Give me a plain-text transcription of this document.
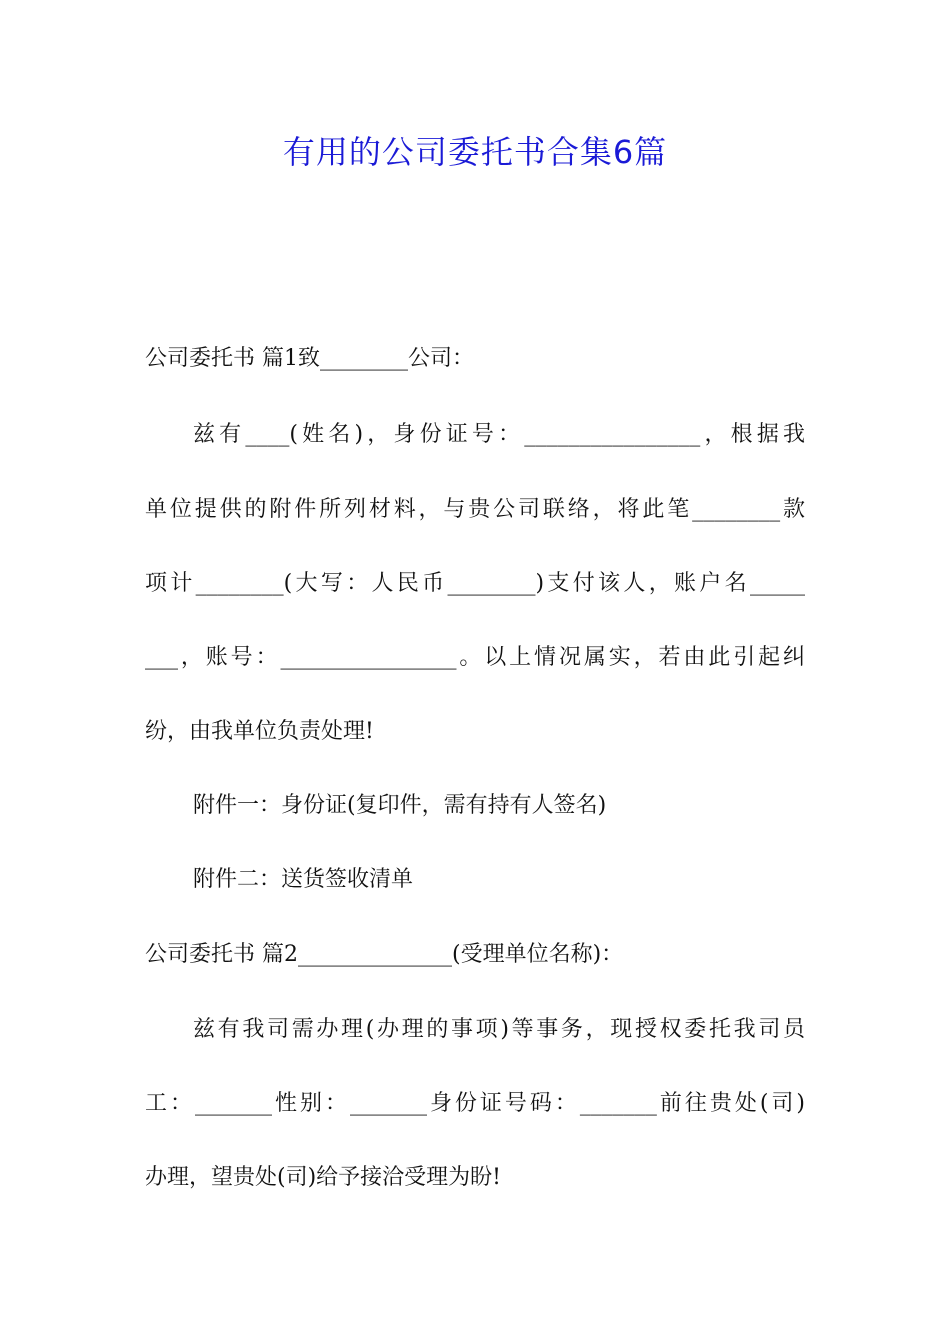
有用的公司委托书合集6篇
公司委托书 篇1致________公司：
兹有____(姓名)，身份证号：________________，根据我
单位提供的附件所列材料，与贵公司联络，将此笔________款
项计________(大写：人民币________)支付该人，账户名_____
___，账号：________________。以上情况属实，若由此引起纠
纷，由我单位负责处理!
附件一：身份证(复印件，需有持有人签名)
附件二：送货签收清单
公司委托书 篇2______________(受理单位名称)：
兹有我司需办理(办理的事项)等事务，现授权委托我司员
工：_______性别：_______身份证号码：_______前往贵处(司)
办理，望贵处(司)给予接洽受理为盼!
